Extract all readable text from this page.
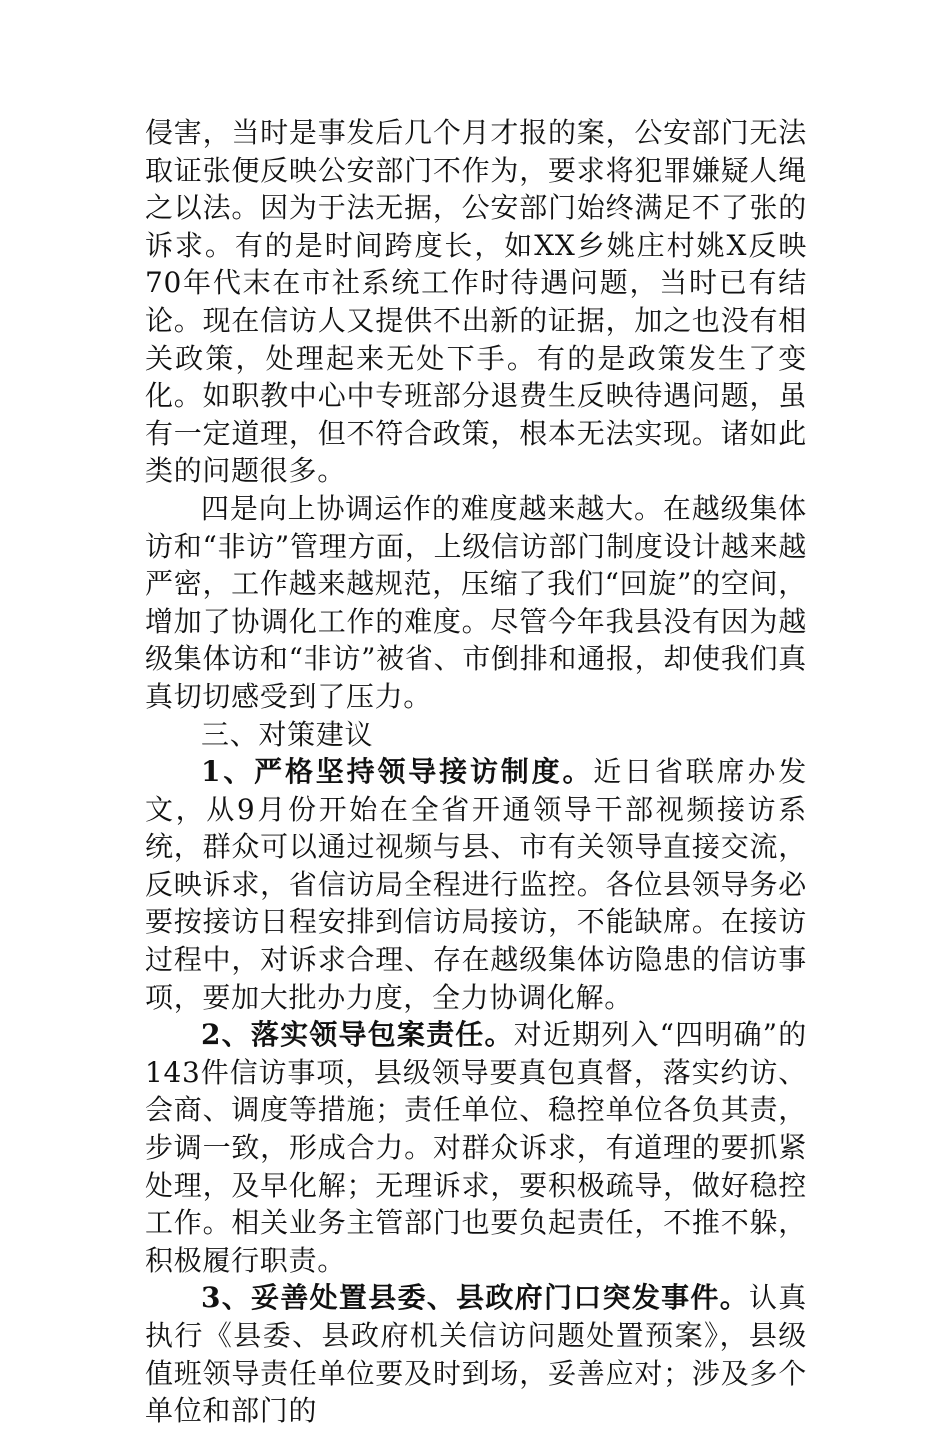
侵害，当时是事发后几个月才报的案，公安部门无法取证张便反映公安部门不作为，要求将犯罪嫌疑人绳之以法。因为于法无据，公安部门始终满足不了张的诉求。有的是时间跨度长，如XX乡姚庄村姚X反映70年代末在市社系统工作时待遇问题，当时已有结论。现在信访人又提供不出新的证据，加之也没有相关政策，处理起来无处下手。有的是政策发生了变化。如职教中心中专班部分退费生反映待遇问题，虽有一定道理，但不符合政策，根本无法实现。诸如此类的问题很多。

四是向上协调运作的难度越来越大。在越级集体访和“非访”管理方面，上级信访部门制度设计越来越严密，工作越来越规范，压缩了我们“回旋”的空间，增加了协调化工作的难度。尽管今年我县没有因为越级集体访和“非访”被省、市倒排和通报，却使我们真真切切感受到了压力。

三、对策建议

1、严格坚持领导接访制度。近日省联席办发文，从9月份开始在全省开通领导干部视频接访系统，群众可以通过视频与县、市有关领导直接交流，反映诉求，省信访局全程进行监控。各位县领导务必要按接访日程安排到信访局接访，不能缺席。在接访过程中，对诉求合理、存在越级集体访隐患的信访事项，要加大批办力度，全力协调化解。

2、落实领导包案责任。对近期列入“四明确”的143件信访事项，县级领导要真包真督，落实约访、会商、调度等措施；责任单位、稳控单位各负其责，步调一致，形成合力。对群众诉求，有道理的要抓紧处理，及早化解；无理诉求，要积极疏导，做好稳控工作。相关业务主管部门也要负起责任，不推不躲，积极履行职责。

3、妥善处置县委、县政府门口突发事件。认真执行《县委、县政府机关信访问题处置预案》，县级值班领导责任单位要及时到场，妥善应对；涉及多个单位和部门的
